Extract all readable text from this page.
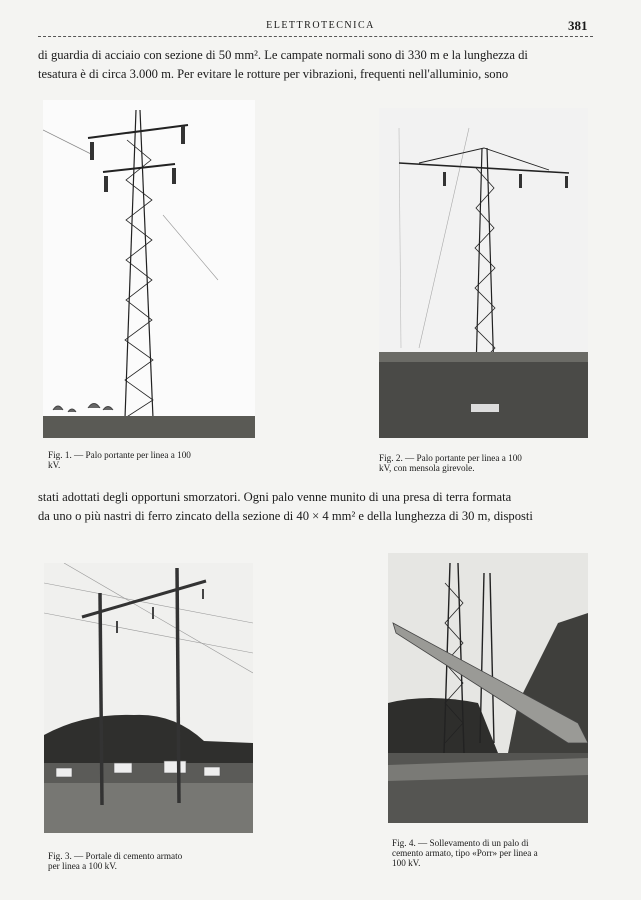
ELETTROTECNICA	381

di guardia di acciaio con sezione di 50 mm². Le campate normali sono di 330 m e la lunghezza di
tesatura è di circa 3.000 m. Per evitare le rotture per vibrazioni, frequenti nell'alluminio, sono

Fig. 1. — Palo portante per linea a 100
kV.

Fig. 2. — Palo portante per linea a 100
kV, con mensola girevole.

stati adottati degli opportuni smorzatori. Ogni palo venne munito di una presa di terra formata
da uno o più nastri di ferro zincato della sezione di 40 × 4 mm² e della lunghezza di 30 m, disposti

Fig. 3. — Portale di cemento armato
per linea a 100 kV.

Fig. 4. — Sollevamento di un palo di
cemento armato, tipo «Porr» per linea a
100 kV.
